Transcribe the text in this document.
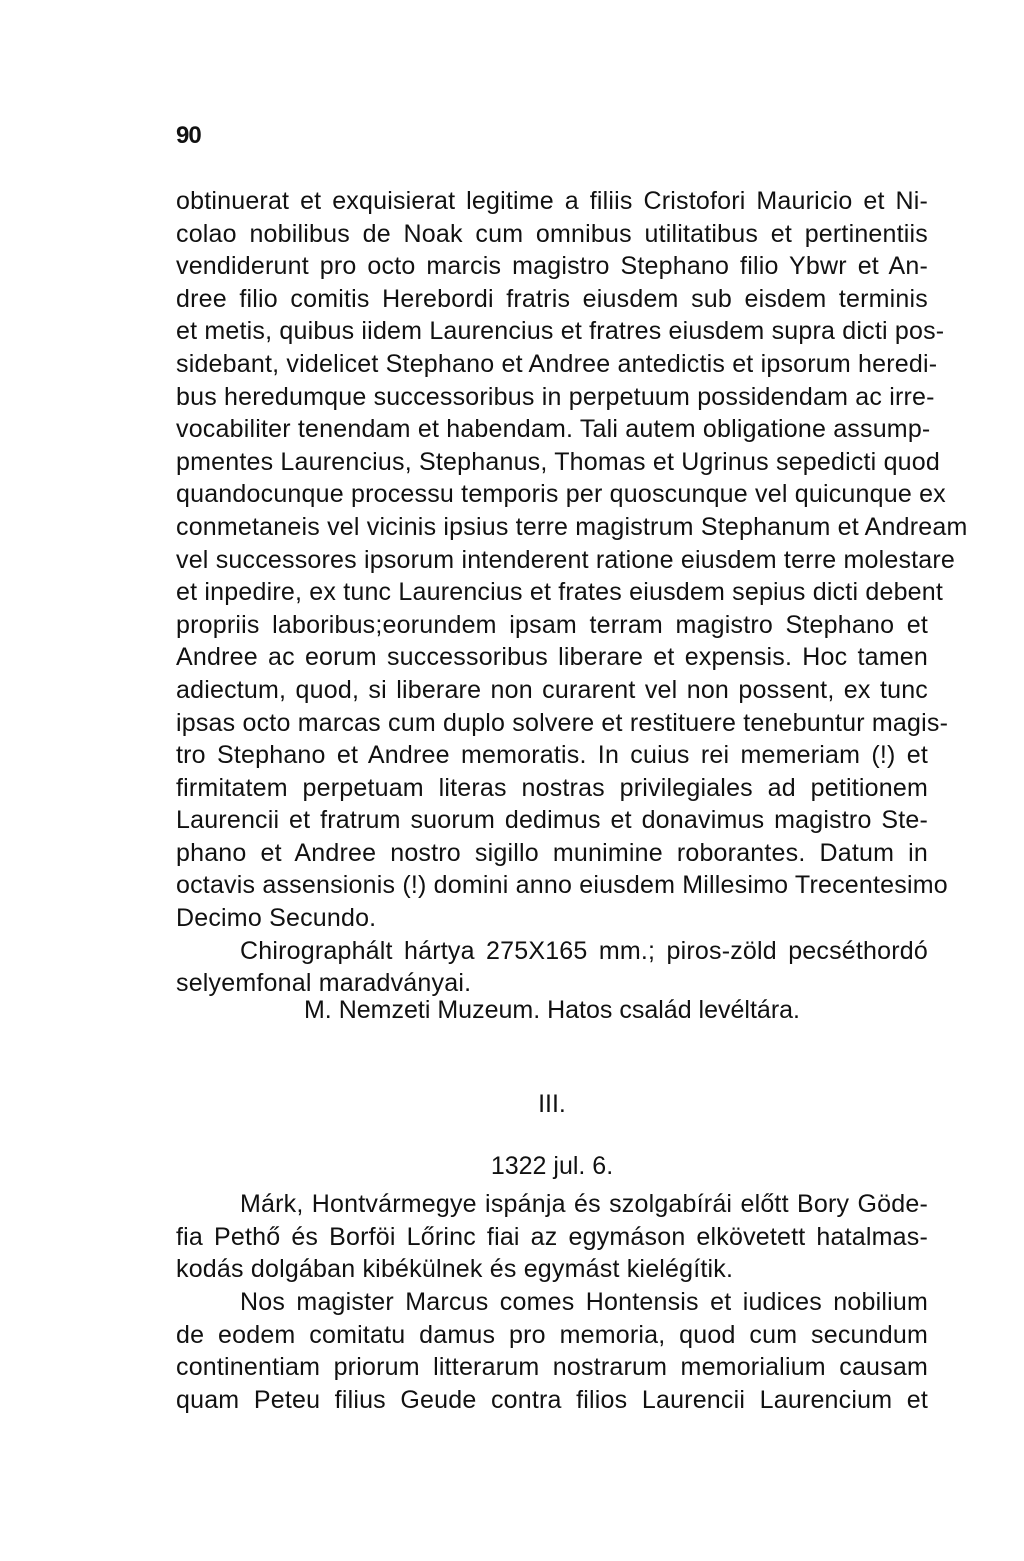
90
obtinuerat et exquisierat legitime a filiis Cristofori Mauricio et Ni-
colao nobilibus de Noak cum omnibus utilitatibus et pertinentiis
vendiderunt pro octo marcis magistro Stephano filio Ybwr et An-
dree filio comitis Herebordi fratris eiusdem sub eisdem terminis
et metis, quibus iidem Laurencius et fratres eiusdem supra dicti pos-
sidebant, videlicet Stephano et Andree antedictis et ipsorum heredi-
bus heredumque successoribus in perpetuum possidendam ac irre-
vocabiliter tenendam et habendam. Tali autem obligatione assump-
pmentes Laurencius, Stephanus, Thomas et Ugrinus sepedicti quod
quandocunque processu temporis per quoscunque vel quicunque ex
conmetaneis vel vicinis ipsius terre magistrum Stephanum et Andream
vel successores ipsorum intenderent ratione eiusdem terre molestare
et inpedire, ex tunc Laurencius et frates eiusdem sepius dicti debent
propriis laboribus;eorundem ipsam terram magistro Stephano et
Andree ac eorum successoribus liberare et expensis. Hoc tamen
adiectum, quod, si liberare non curarent vel non possent, ex tunc
ipsas octo marcas cum duplo solvere et restituere tenebuntur magis-
tro Stephano et Andree memoratis. In cuius rei memeriam (!) et
firmitatem perpetuam literas nostras privilegiales ad petitionem
Laurencii et fratrum suorum dedimus et donavimus magistro Ste-
phano et Andree nostro sigillo munimine roborantes. Datum in
octavis assensionis (!) domini anno eiusdem Millesimo Trecentesimo
Decimo Secundo.
Chirographált hártya 275X165 mm.; piros-zöld pecséthordó
selyemfonal maradványai.
M. Nemzeti Muzeum. Hatos család levéltára.
III.
1322 jul. 6.
Márk, Hontvármegye ispánja és szolgabírái előtt Bory Göde-
fia Pethő és Borföi Lőrinc fiai az egymáson elkövetett hatalmas-
kodás dolgában kibékülnek és egymást kielégítik.
Nos magister Marcus comes Hontensis et iudices nobilium
de eodem comitatu damus pro memoria, quod cum secundum
continentiam priorum litterarum nostrarum memorialium causam
quam Peteu filius Geude contra filios Laurencii Laurencium et
